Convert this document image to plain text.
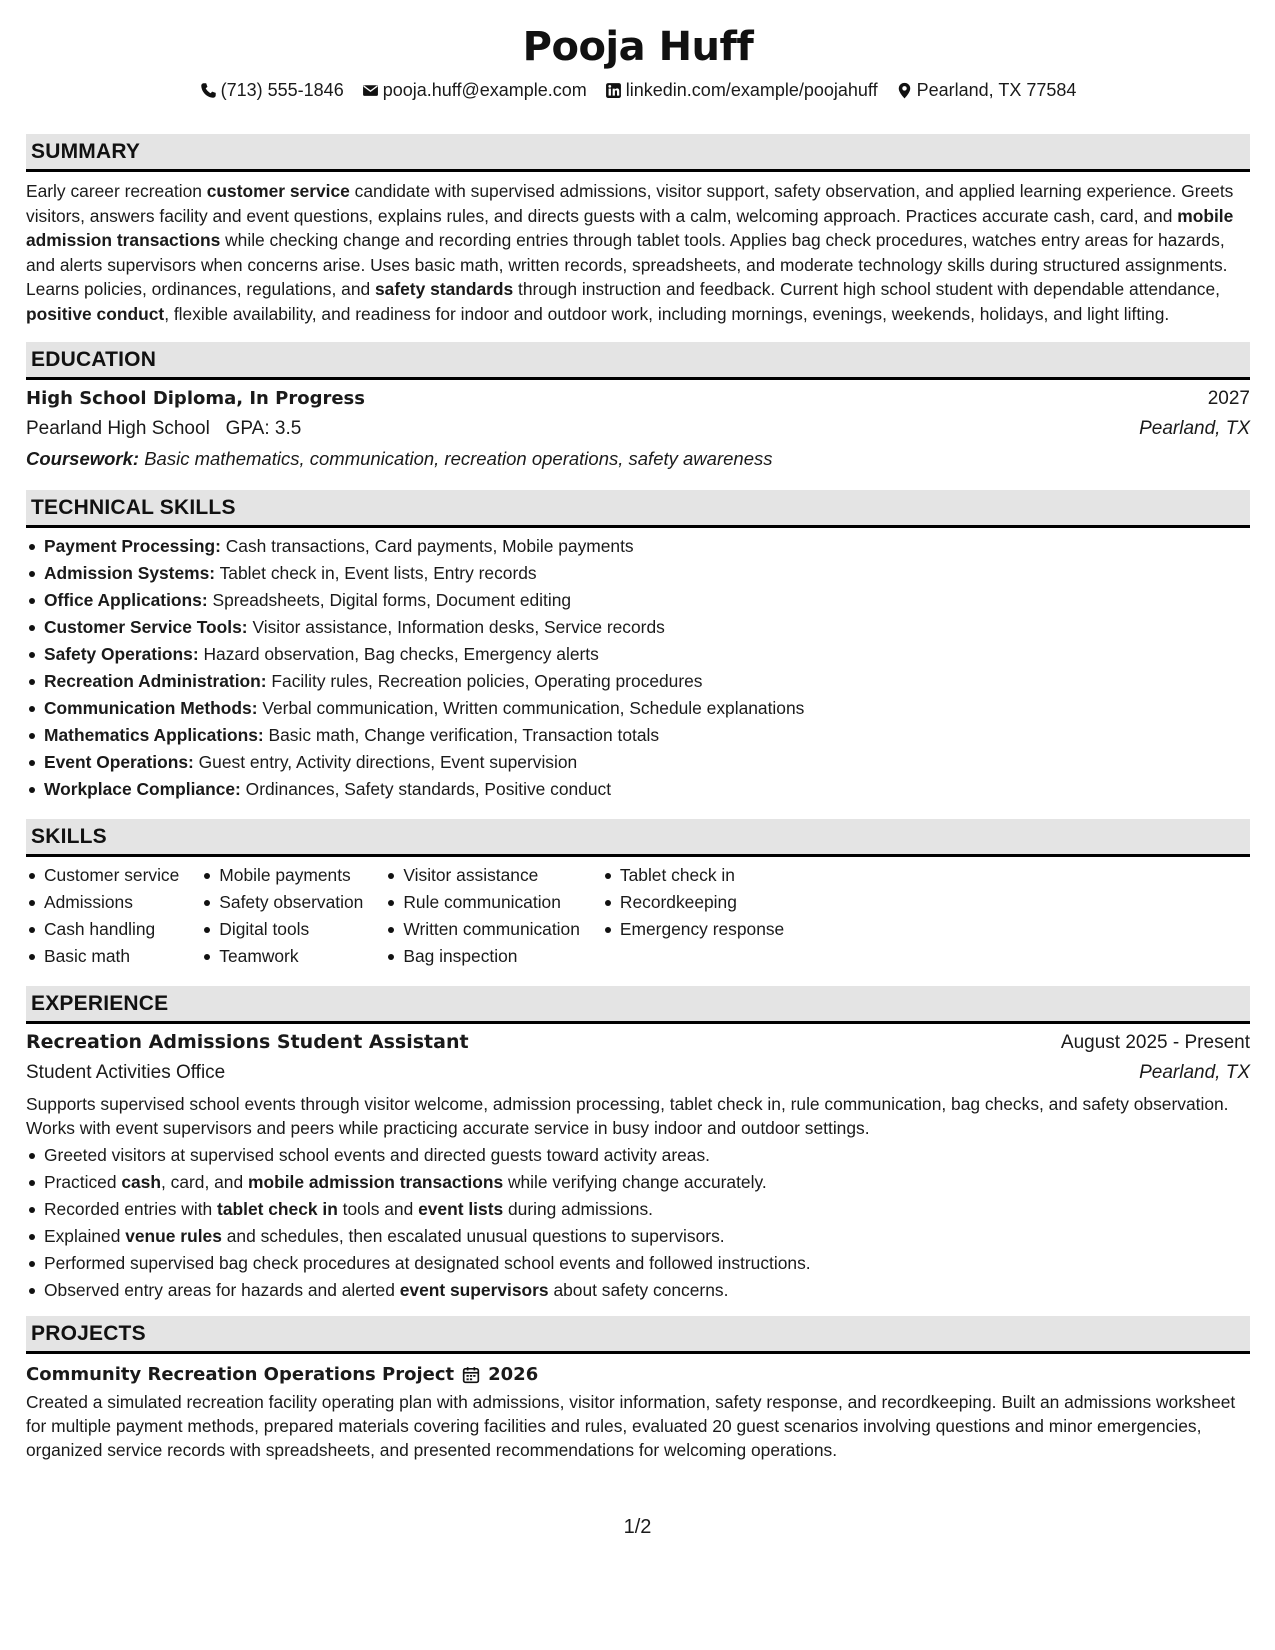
Pooja Huff
(713) 555-1846 pooja.huff@example.com linkedin.com/example/poojahuff Pearland, TX 77584
SUMMARY

Early career recreation customer service candidate with supervised admissions, visitor support, safety observation, and applied learning experience. Greets visitors, answers facility and event questions, explains rules, and directs guests with a calm, welcoming approach. Practices accurate cash, card, and mobile admission transactions while checking change and recording entries through tablet tools. Applies bag check procedures, watches entry areas for hazards, and alerts supervisors when concerns arise. Uses basic math, written records, spreadsheets, and moderate technology skills during structured assignments. Learns policies, ordinances, regulations, and safety standards through instruction and feedback. Current high school student with dependable attendance, positive conduct, flexible availability, and readiness for indoor and outdoor work, including mornings, evenings, weekends, holidays, and light lifting.

EDUCATION
High School Diploma, In Progress	2027
Pearland High School GPA: 3.5	Pearland, TX
Coursework: Basic mathematics, communication, recreation operations, safety awareness
TECHNICAL SKILLS
Payment Processing: Cash transactions, Card payments, Mobile payments
Admission Systems: Tablet check in, Event lists, Entry records
Office Applications: Spreadsheets, Digital forms, Document editing
Customer Service Tools: Visitor assistance, Information desks, Service records
Safety Operations: Hazard observation, Bag checks, Emergency alerts
Recreation Administration: Facility rules, Recreation policies, Operating procedures
Communication Methods: Verbal communication, Written communication, Schedule explanations
Mathematics Applications: Basic math, Change verification, Transaction totals
Event Operations: Guest entry, Activity directions, Event supervision
Workplace Compliance: Ordinances, Safety standards, Positive conduct
SKILLS
Customer service
Admissions
Cash handling
Basic math
Mobile payments
Safety observation
Digital tools
Teamwork
Visitor assistance
Rule communication
Written communication
Bag inspection
Tablet check in
Recordkeeping
Emergency response
EXPERIENCE
Recreation Admissions Student Assistant	August 2025 - Present
Student Activities Office	Pearland, TX

Supports supervised school events through visitor welcome, admission processing, tablet check in, rule communication, bag checks, and safety observation. Works with event supervisors and peers while practicing accurate service in busy indoor and outdoor settings.

Greeted visitors at supervised school events and directed guests toward activity areas.
Practiced cash, card, and mobile admission transactions while verifying change accurately.
Recorded entries with tablet check in tools and event lists during admissions.
Explained venue rules and schedules, then escalated unusual questions to supervisors.
Performed supervised bag check procedures at designated school events and followed instructions.
Observed entry areas for hazards and alerted event supervisors about safety concerns.
PROJECTS
Community Recreation Operations Project 2026

Created a simulated recreation facility operating plan with admissions, visitor information, safety response, and recordkeeping. Built an admissions worksheet for multiple payment methods, prepared materials covering facilities and rules, evaluated 20 guest scenarios involving questions and minor emergencies, organized service records with spreadsheets, and presented recommendations for welcoming operations.

1/2
